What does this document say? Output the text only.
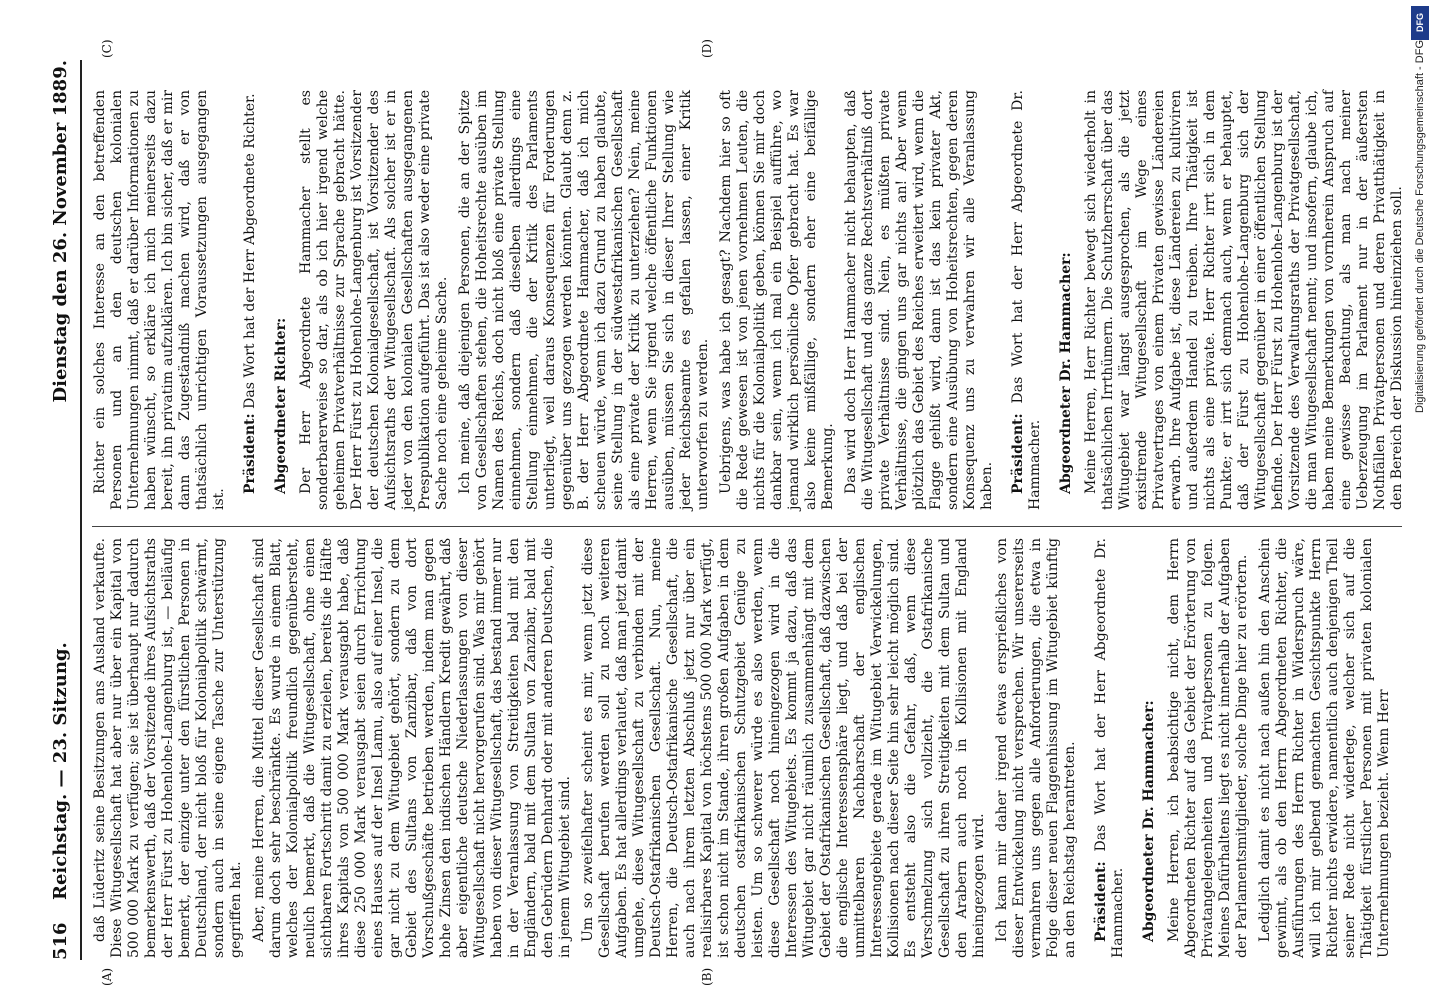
516
Reichstag. — 23. Sitzung.
Dienstag den 26. November 1889.
(A)	(B)
(C)	(D)

daß Lüderitz seine Besitzungen ans Ausland verkaufte. Diese Witugesellschaft hat aber nur über ein Kapital von 500 000 Mark zu verfügen; sie ist überhaupt nur dadurch bemerkenswerth, daß der Vorsitzende ihres Aufsichtsraths der Herr Fürst zu Hohenlohe-Langenburg ist, — beiläufig bemerkt, der einzige unter den fürstlichen Personen in Deutschland, der nicht bloß für Kolonialpolitik schwärmt, sondern auch in seine eigene Tasche zur Unterstützung gegriffen hat. Aber, meine Herren, die Mittel dieser Gesellschaft sind darum doch sehr beschränkte. Es wurde in einem Blatt, welches der Kolonialpolitik freundlich gegenübersteht, neulich bemerkt, daß die Witugesellschaft, ohne einen sichtbaren Fortschritt damit zu erzielen, bereits die Hälfte ihres Kapitals von 500 000 Mark verausgabt habe, daß diese 250 000 Mark verausgabt seien durch Errichtung eines Hauses auf der Insel Lamu, also auf einer Insel, die gar nicht zu dem Witugebiet gehört, sondern zu dem Gebiet des Sultans von Zanzibar, daß von dort Vorschußgeschäfte betrieben werden, indem man gegen hohe Zinsen den indischen Händlern Kredit gewährt, daß aber eigentliche deutsche Niederlassungen von dieser Witugesellschaft nicht hervorgerufen sind. Was mir gehört haben von dieser Witugesellschaft, das bestand immer nur in der Veranlassung von Streitigkeiten bald mit den Engländern, bald mit dem Sultan von Zanzibar, bald mit den Gebrüdern Denhardt oder mit anderen Deutschen, die in jenem Witugebiet sind. Um so zweifelhafter scheint es mir, wenn jetzt diese Gesellschaft berufen werden soll zu noch weiteren Aufgaben. Es hat allerdings verlautet, daß man jetzt damit umgehe, diese Witugesellschaft zu verbinden mit der Deutsch-Ostafrikanischen Gesellschaft. Nun, meine Herren, die Deutsch-Ostafrikanische Gesellschaft, die auch nach ihrem letzten Abschluß jetzt nur über ein realisirbares Kapital von höchstens 500 000 Mark verfügt, ist schon nicht im Stande, ihren großen Aufgaben in dem deutschen ostafrikanischen Schutzgebiet Genüge zu leisten. Um so schwerer würde es also werden, wenn diese Gesellschaft noch hineingezogen wird in die Interessen des Witugebiets. Es kommt ja dazu, daß das Witugebiet gar nicht räumlich zusammenhängt mit dem Gebiet der Ostafrikanischen Gesellschaft, daß dazwischen die englische Interessensphäre liegt, und daß bei der unmittelbaren Nachbarschaft der englischen Interessengebiete gerade im Witugebiet Verwickelungen, Kollisionen nach dieser Seite hin sehr leicht möglich sind. Es entsteht also die Gefahr, daß, wenn diese Verschmelzung sich vollzieht, die Ostafrikanische Gesellschaft zu ihren Streitigkeiten mit dem Sultan und den Arabern auch noch in Kollisionen mit England hineingezogen wird. Ich kann mir daher irgend etwas ersprießliches von dieser Entwickelung nicht versprechen. Wir unsererseits vermahren uns gegen alle Anforderungen, die etwa in Folge dieser neuen Flaggenhissung im Witugebiet künftig an den Reichstag herantreten. Präsident: Das Wort hat der Herr Abgeordnete Dr. Hammacher. Abgeordneter Dr. Hammacher: Meine Herren, ich beabsichtige nicht, dem Herrn Abgeordneten Richter auf das Gebiet der Erörterung von Privatangelegenheiten und Privatpersonen zu folgen. Meines Dafürhaltens liegt es nicht innerhalb der Aufgaben der Parlamentsmitglieder, solche Dinge hier zu erörtern. Lediglich damit es nicht nach außen hin den Anschein gewinnt, als ob den Herrn Abgeordneten Richter, die Ausführungen des Herrn Richter in Widerspruch wäre, will ich mir gelbend gemachten Gesichtspunkte Herrn Richter nichts erwidere, namentlich auch denjenigen Theil seiner Rede nicht widerlege, welcher sich auf die Thätigkeit fürstlicher Personen mit privaten kolonialen Unternehmungen bezieht. Wenn Herr

Richter ein solches Interesse an den betreffenden Personen und an den deutschen kolonialen Unternehmungen nimmt, daß er darüber Informationen zu haben wünscht, so erkläre ich mich meinerseits dazu bereit, ihn privatim aufzuklären. Ich bin sicher, daß er mir dann das Zugeständniß machen wird, daß er von thatsächlich unrichtigen Voraussetzungen ausgegangen ist.

Präsident: Das Wort hat der Herr Abgeordnete Richter. Abgeordneter Richter: Der Herr Abgeordnete Hammacher stellt es sonderbarerweise so dar, als ob ich hier irgend welche geheimen Privatverhältnisse zur Sprache gebracht hätte. Der Herr Fürst zu Hohenlohe-Langenburg ist Vorsitzender der deutschen Kolonialgesellschaft, ist Vorsitzender des Aufsichtsraths der Witugesellschaft. Als solcher ist er in jeder von den kolonialen Gesellschaften ausgegangenen Prespublikation aufgeführt. Das ist also weder eine private Sache noch eine geheime Sache. Ich meine, daß diejenigen Personen, die an der Spitze von Gesellschaften stehen, die Hoheitsrechte ausüben im Namen des Reichs, doch nicht bloß eine private Stellung einnehmen, sondern daß dieselben allerdings eine Stellung einnehmen, die der Kritik des Parlaments unterliegt, weil daraus Konsequenzen für Forderungen gegenüber uns gezogen werden könnten. Glaubt denn z. B. der Herr Abgeordnete Hammacher, daß ich mich scheuen würde, wenn ich dazu Grund zu haben glaubte, seine Stellung in der südwestafrikanischen Gesellschaft als eine private der Kritik zu unterziehen? Nein, meine Herren, wenn Sie irgend welche öffentliche Funktionen ausüben, müssen Sie sich in dieser Ihrer Stellung wie jeder Reichsbeamte es gefallen lassen, einer Kritik unterworfen zu werden. Uebrigens, was habe ich gesagt? Nachdem hier so oft die Rede gewesen ist von jenen vornehmen Leuten, die nichts für die Kolonialpolitik geben, können Sie mir doch dankbar sein, wenn ich mal ein Beispiel aufführe, wo jemand wirklich persönliche Opfer gebracht hat. Es war also keine mißfällige, sondern eher eine beifällige Bemerkung. Das wird doch Herr Hammacher nicht behaupten, daß die Witugesellschaft und das ganze Rechtsverhältniß dort private Verhältnisse sind. Nein, es müßten private Verhältnisse, die gingen uns gar nichts an! Aber wenn plötzlich das Gebiet des Reiches erweitert wird, wenn die Flagge gehißt wird, dann ist das kein privater Akt, sondern eine Ausübung von Hoheitsrechten, gegen deren Konsequenz uns zu verwahren wir alle Veranlassung haben. Präsident: Das Wort hat der Herr Abgeordnete Dr. Hammacher. Abgeordneter Dr. Hammacher: Meine Herren, Herr Richter bewegt sich wiederholt in thatsächlichen Irrthümern. Die Schutzherrschaft über das Witugebiet war längst ausgesprochen, als die jetzt existirende Witugesellschaft im Wege eines Privatvertrages von einem Privaten gewisse Ländereien erwarb. Ihre Aufgabe ist, diese Ländereien zu kultiviren und außerdem Handel zu treiben. Ihre Thätigkeit ist nichts als eine private. Herr Richter irrt sich in dem Punkte; er irrt sich demnach auch, wenn er behauptet, daß der Fürst zu Hohenlohe-Langenburg sich der Witugesellschaft gegenüber in einer öffentlichen Stellung befinde. Der Herr Fürst zu Hohenlohe-Langenburg ist der Vorsitzende des Verwaltungsraths der Privatgesellschaft, die man Witugesellschaft nennt; und insofern, glaube ich, haben meine Bemerkungen von vornherein Anspruch auf eine gewisse Beachtung, als man nach meiner Ueberzeugung im Parlament nur in der äußersten Nothfällen Privatpersonen und deren Privatthätigkeit in den Bereich der Diskussion hineinziehen soll.

DFG
Digitalisierung gefördert durch die Deutsche Forschungsgemeinschaft - DFG
